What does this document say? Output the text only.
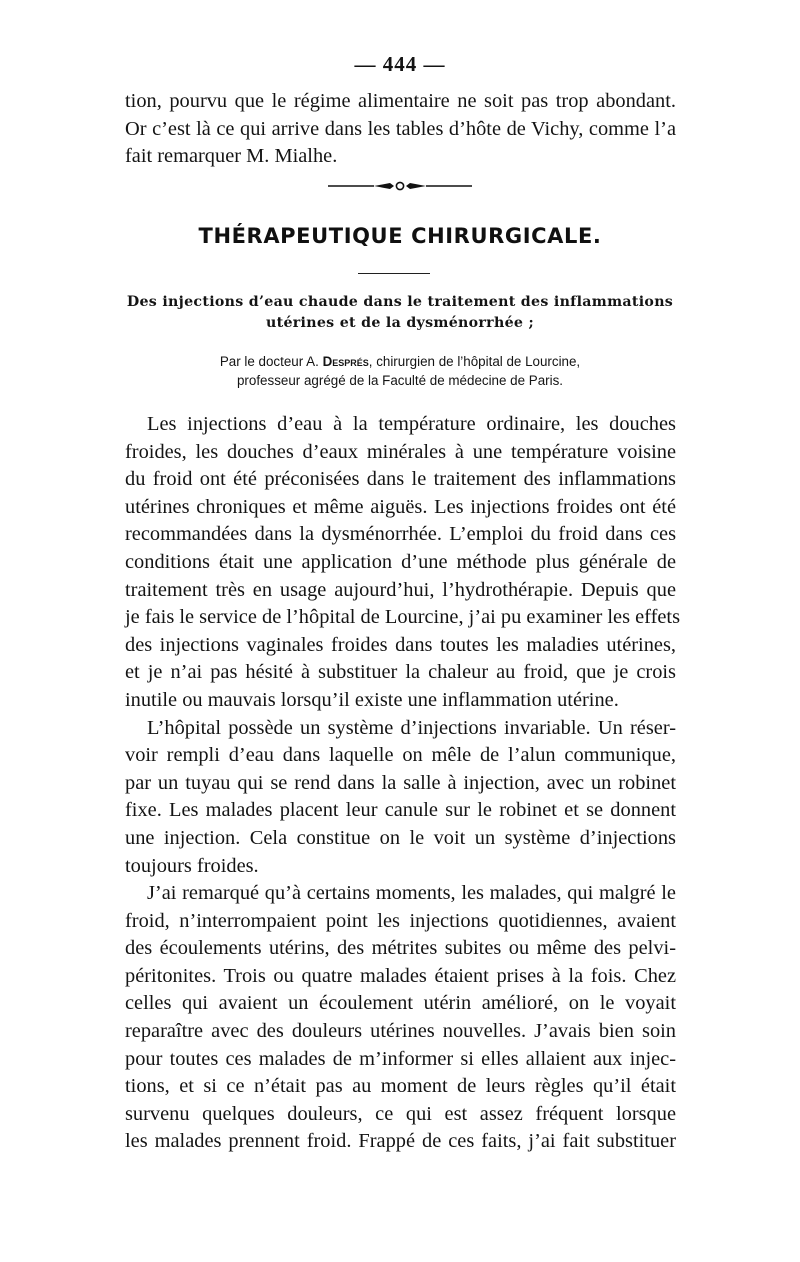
— 444 —
tion, pourvu que le régime alimentaire ne soit pas trop abondant.
Or c’est là ce qui arrive dans les tables d’hôte de Vichy, comme l’a
fait remarquer M. Mialhe.
THÉRAPEUTIQUE CHIRURGICALE.
Des injections d’eau chaude dans le traitement des inflammations
utérines et de la dysménorrhée ;
Par le docteur A. Després, chirurgien de l’hôpital de Lourcine,
professeur agrégé de la Faculté de médecine de Paris.
Les injections d’eau à la température ordinaire, les douches
froides, les douches d’eaux minérales à une température voisine
du froid ont été préconisées dans le traitement des inflammations
utérines chroniques et même aiguës. Les injections froides ont été
recommandées dans la dysménorrhée. L’emploi du froid dans ces
conditions était une application d’une méthode plus générale de
traitement très en usage aujourd’hui, l’hydrothérapie. Depuis que
je fais le service de l’hôpital de Lourcine, j’ai pu examiner les effets
des injections vaginales froides dans toutes les maladies utérines,
et je n’ai pas hésité à substituer la chaleur au froid, que je crois
inutile ou mauvais lorsqu’il existe une inflammation utérine.
L’hôpital possède un système d’injections invariable. Un réser-
voir rempli d’eau dans laquelle on mêle de l’alun communique,
par un tuyau qui se rend dans la salle à injection, avec un robinet
fixe. Les malades placent leur canule sur le robinet et se donnent
une injection. Cela constitue on le voit un système d’injections
toujours froides.
J’ai remarqué qu’à certains moments, les malades, qui malgré le
froid, n’interrompaient point les injections quotidiennes, avaient
des écoulements utérins, des métrites subites ou même des pelvi-
péritonites. Trois ou quatre malades étaient prises à la fois. Chez
celles qui avaient un écoulement utérin amélioré, on le voyait
reparaître avec des douleurs utérines nouvelles. J’avais bien soin
pour toutes ces malades de m’informer si elles allaient aux injec-
tions, et si ce n’était pas au moment de leurs règles qu’il était
survenu quelques douleurs, ce qui est assez fréquent lorsque
les malades prennent froid. Frappé de ces faits, j’ai fait substituer
